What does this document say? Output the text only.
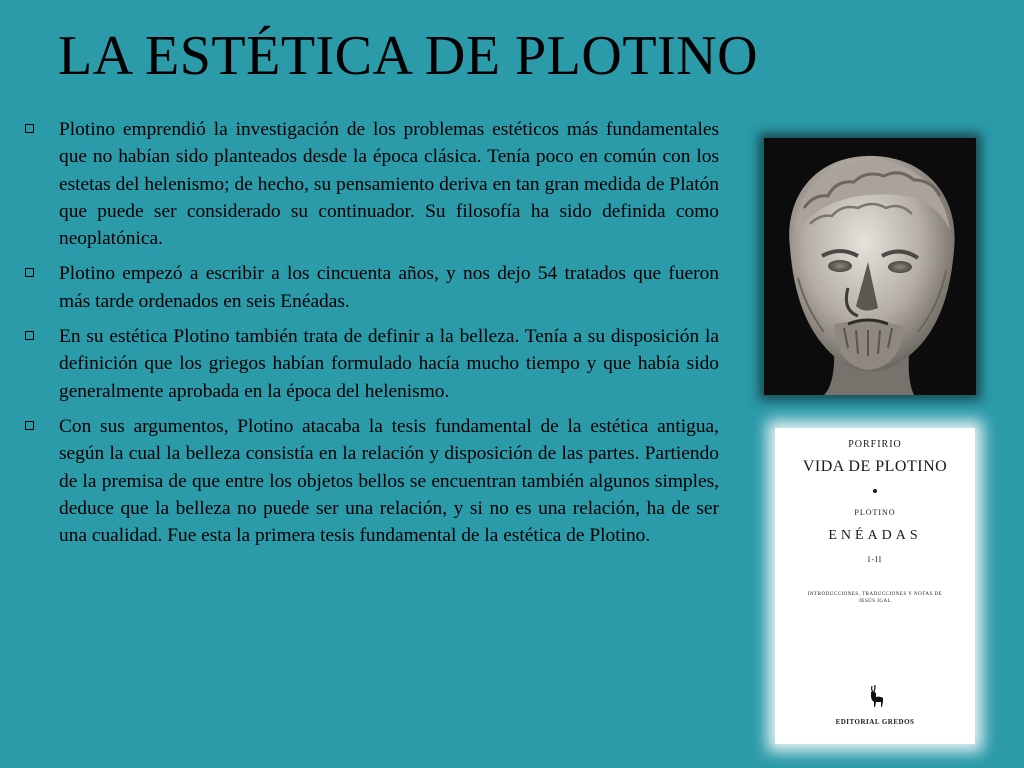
LA ESTÉTICA DE PLOTINO
Plotino emprendió la investigación de los problemas estéticos más fundamentales que no habían sido planteados desde la época clásica. Tenía poco en común con los estetas del helenismo; de hecho, su pensamiento deriva en tan gran medida de Platón que puede ser considerado su continuador. Su filosofía ha sido definida como neoplatónica.
Plotino empezó a escribir a los cincuenta años, y nos dejo 54 tratados que fueron más tarde ordenados en seis Enéadas.
En su estética Plotino también trata de definir a la belleza. Tenía a su disposición la definición que los griegos habían formulado hacía mucho tiempo y que había sido generalmente aprobada en la época del helenismo.
Con sus argumentos, Plotino atacaba la tesis fundamental de la estética antigua, según la cual la belleza consistía en la relación y disposición de las partes. Partiendo de la premisa de que entre los objetos bellos se encuentran también algunos simples, deduce que la belleza no puede ser una relación, y si no es una relación, ha de ser una cualidad. Fue esta la primera tesis fundamental de la estética de Plotino.
PORFIRIO
VIDA DE PLOTINO
PLOTINO
ENÉADAS
I-II
INTRODUCCIONES, TRADUCCIONES Y NOTAS DE
JESÚS IGAL
EDITORIAL GREDOS
